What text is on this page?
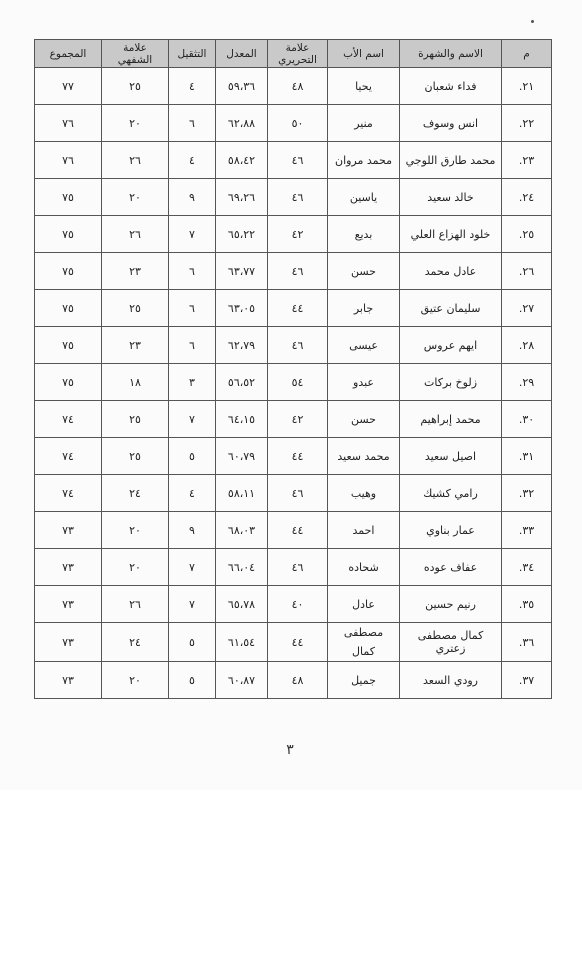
م	الاسم والشهرة	اسم الأب	علامة التحريري	المعدل	التثقيل	علامة الشفهي	المجموع
٢١.	فداء شعبان	يحيا	٤٨	٥٩،٣٦	٤	٢٥	٧٧
٢٢.	انس وسوف	منير	٥٠	٦٢،٨٨	٦	٢٠	٧٦
٢٣.	محمد طارق اللوجي	محمد مروان	٤٦	٥٨،٤٢	٤	٢٦	٧٦
٢٤.	خالد سعيد	ياسين	٤٦	٦٩،٢٦	٩	٢٠	٧٥
٢٥.	خلود الهزاع العلي	بديع	٤٢	٦٥،٢٢	٧	٢٦	٧٥
٢٦.	عادل محمد	حسن	٤٦	٦٣،٧٧	٦	٢٣	٧٥
٢٧.	سليمان عتيق	جابر	٤٤	٦٣،٠٥	٦	٢٥	٧٥
٢٨.	ايهم عروس	عيسى	٤٦	٦٢،٧٩	٦	٢٣	٧٥
٢٩.	زلوخ بركات	عبدو	٥٤	٥٦،٥٢	٣	١٨	٧٥
٣٠.	محمد إبراهيم	حسن	٤٢	٦٤،١٥	٧	٢٥	٧٤
٣١.	اصيل سعيد	محمد سعيد	٤٤	٦٠،٧٩	٥	٢٥	٧٤
٣٢.	رامي كشيك	وهيب	٤٦	٥٨،١١	٤	٢٤	٧٤
٣٣.	عمار بناوي	احمد	٤٤	٦٨،٠٣	٩	٢٠	٧٣
٣٤.	عفاف عوده	شحاده	٤٦	٦٦،٠٤	٧	٢٠	٧٣
٣٥.	رنيم حسين	عادل	٤٠	٦٥،٧٨	٧	٢٦	٧٣
٣٦.	كمال مصطفى زعتري	مصطفى كمال	٤٤	٦١،٥٤	٥	٢٤	٧٣
٣٧.	رودي السعد	جميل	٤٨	٦٠،٨٧	٥	٢٠	٧٣
٣
